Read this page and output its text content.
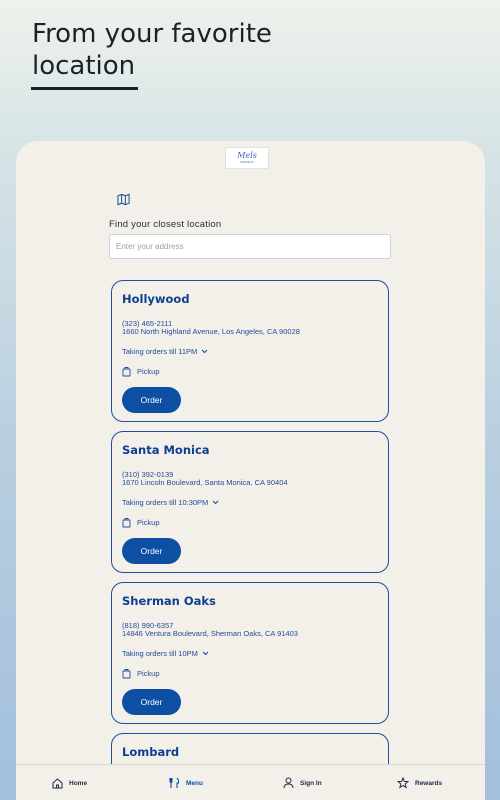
From your favorite
location
Mels
DRIVE-IN
Find your closest location
Enter your address
Hollywood
(323) 465-2111
1660 North Highland Avenue, Los Angeles, CA 90028
Taking orders till 11PM
Pickup
Order
Santa Monica
(310) 392-0139
1670 Lincoln Boulevard, Santa Monica, CA 90404
Taking orders till 10:30PM
Pickup
Order
Sherman Oaks
(818) 990-6357
14846 Ventura Boulevard, Sherman Oaks, CA 91403
Taking orders till 10PM
Pickup
Order
Lombard
Home	Menu	Sign In	Rewards
